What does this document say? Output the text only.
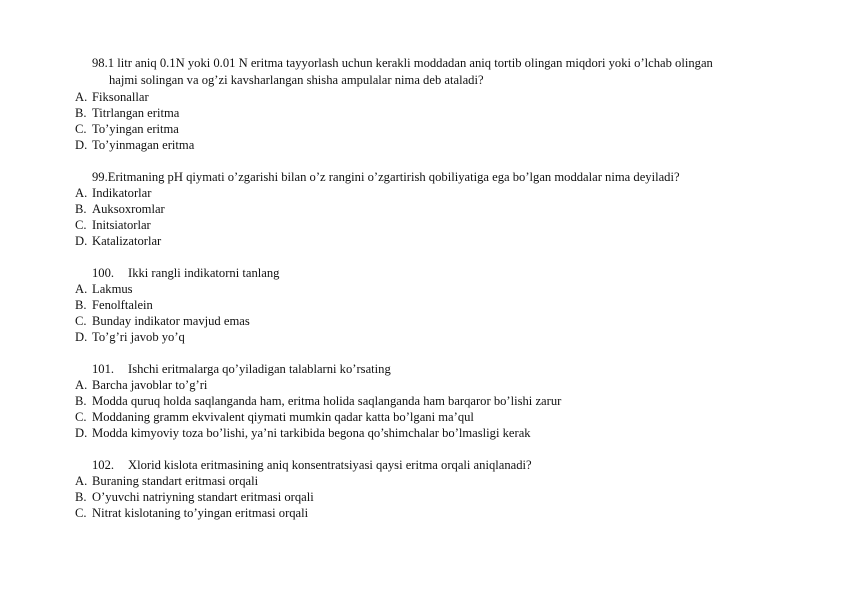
98.1 litr aniq 0.1N yoki 0.01 N eritma tayyorlash uchun kerakli moddadan aniq tortib olingan miqdori yoki o’lchab olingan
hajmi solingan va og’zi kavsharlangan shisha ampulalar nima deb ataladi?
A. Fiksonallar
B. Titrlangan eritma
C. To’yingan eritma
D. To’yinmagan eritma
99.Eritmaning pH qiymati o’zgarishi bilan o’z rangini o’zgartirish qobiliyatiga ega bo’lgan moddalar nima deyiladi?
A. Indikatorlar
B. Auksoxromlar
C. Initsiatorlar
D. Katalizatorlar
100. Ikki rangli indikatorni tanlang
A. Lakmus
B. Fenolftalein
C. Bunday indikator mavjud emas
D. To’g’ri javob yo’q
101. Ishchi eritmalarga qo’yiladigan talablarni ko’rsating
A. Barcha javoblar to’g’ri
B. Modda quruq holda saqlanganda ham, eritma holida saqlanganda ham barqaror bo’lishi zarur
C. Moddaning gramm ekvivalent qiymati mumkin qadar katta bo’lgani ma’qul
D. Modda kimyoviy toza bo’lishi, ya’ni tarkibida begona qo’shimchalar bo’lmasligi kerak
102. Xlorid kislota eritmasining aniq konsentratsiyasi qaysi eritma orqali aniqlanadi?
A. Buraning standart eritmasi orqali
B. O’yuvchi natriyning standart eritmasi orqali
C. Nitrat kislotaning to’yingan eritmasi orqali
